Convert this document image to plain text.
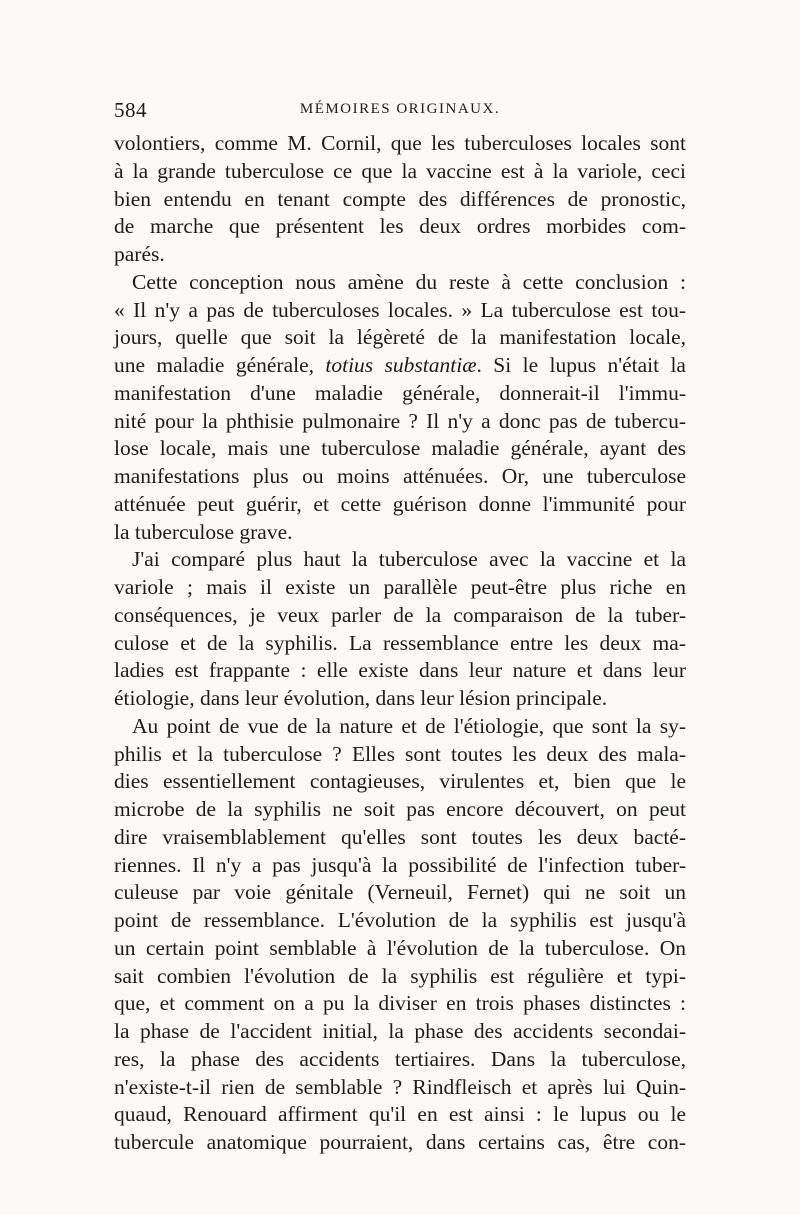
584	MÉMOIRES ORIGINAUX.
volontiers, comme M. Cornil, que les tuberculoses locales sont
à la grande tuberculose ce que la vaccine est à la variole, ceci
bien entendu en tenant compte des différences de pronostic,
de marche que présentent les deux ordres morbides com-
parés.
Cette conception nous amène du reste à cette conclusion :
« Il n'y a pas de tuberculoses locales. » La tuberculose est tou-
jours, quelle que soit la légèreté de la manifestation locale,
une maladie générale, totius substantiæ. Si le lupus n'était la
manifestation d'une maladie générale, donnerait-il l'immu-
nité pour la phthisie pulmonaire ? Il n'y a donc pas de tubercu-
lose locale, mais une tuberculose maladie générale, ayant des
manifestations plus ou moins atténuées. Or, une tuberculose
atténuée peut guérir, et cette guérison donne l'immunité pour
la tuberculose grave.
J'ai comparé plus haut la tuberculose avec la vaccine et la
variole ; mais il existe un parallèle peut-être plus riche en
conséquences, je veux parler de la comparaison de la tuber-
culose et de la syphilis. La ressemblance entre les deux ma-
ladies est frappante : elle existe dans leur nature et dans leur
étiologie, dans leur évolution, dans leur lésion principale.
Au point de vue de la nature et de l'étiologie, que sont la sy-
philis et la tuberculose ? Elles sont toutes les deux des mala-
dies essentiellement contagieuses, virulentes et, bien que le
microbe de la syphilis ne soit pas encore découvert, on peut
dire vraisemblablement qu'elles sont toutes les deux bacté-
riennes. Il n'y a pas jusqu'à la possibilité de l'infection tuber-
culeuse par voie génitale (Verneuil, Fernet) qui ne soit un
point de ressemblance. L'évolution de la syphilis est jusqu'à
un certain point semblable à l'évolution de la tuberculose. On
sait combien l'évolution de la syphilis est régulière et typi-
que, et comment on a pu la diviser en trois phases distinctes :
la phase de l'accident initial, la phase des accidents secondai-
res, la phase des accidents tertiaires. Dans la tuberculose,
n'existe-t-il rien de semblable ? Rindfleisch et après lui Quin-
quaud, Renouard affirment qu'il en est ainsi : le lupus ou le
tubercule anatomique pourraient, dans certains cas, être con-
